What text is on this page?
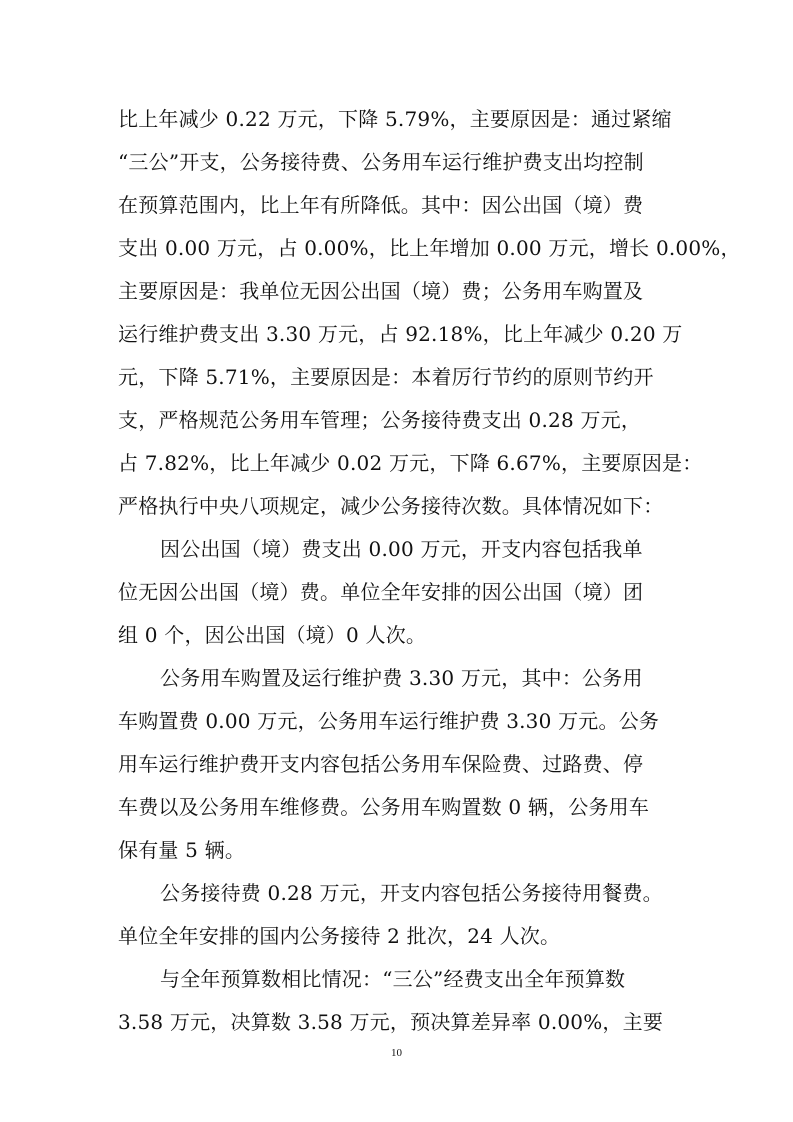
比上年减少 0.22 万元，下降 5.79%，主要原因是：通过紧缩
“三公”开支，公务接待费、公务用车运行维护费支出均控制
在预算范围内，比上年有所降低。其中：因公出国（境）费
支出 0.00 万元，占 0.00%，比上年增加 0.00 万元，增长 0.00%，
主要原因是：我单位无因公出国（境）费；公务用车购置及
运行维护费支出 3.30 万元，占 92.18%，比上年减少 0.20 万
元，下降 5.71%，主要原因是：本着厉行节约的原则节约开
支，严格规范公务用车管理；公务接待费支出 0.28 万元，
占 7.82%，比上年减少 0.02 万元，下降 6.67%，主要原因是：
严格执行中央八项规定，减少公务接待次数。具体情况如下：
因公出国（境）费支出 0.00 万元，开支内容包括我单
位无因公出国（境）费。单位全年安排的因公出国（境）团
组 0 个，因公出国（境）0 人次。
公务用车购置及运行维护费 3.30 万元，其中：公务用
车购置费 0.00 万元，公务用车运行维护费 3.30 万元。公务
用车运行维护费开支内容包括公务用车保险费、过路费、停
车费以及公务用车维修费。公务用车购置数 0 辆，公务用车
保有量 5 辆。
公务接待费 0.28 万元，开支内容包括公务接待用餐费。
单位全年安排的国内公务接待 2 批次，24 人次。
与全年预算数相比情况：“三公”经费支出全年预算数
3.58 万元，决算数 3.58 万元，预决算差异率 0.00%，主要
10
